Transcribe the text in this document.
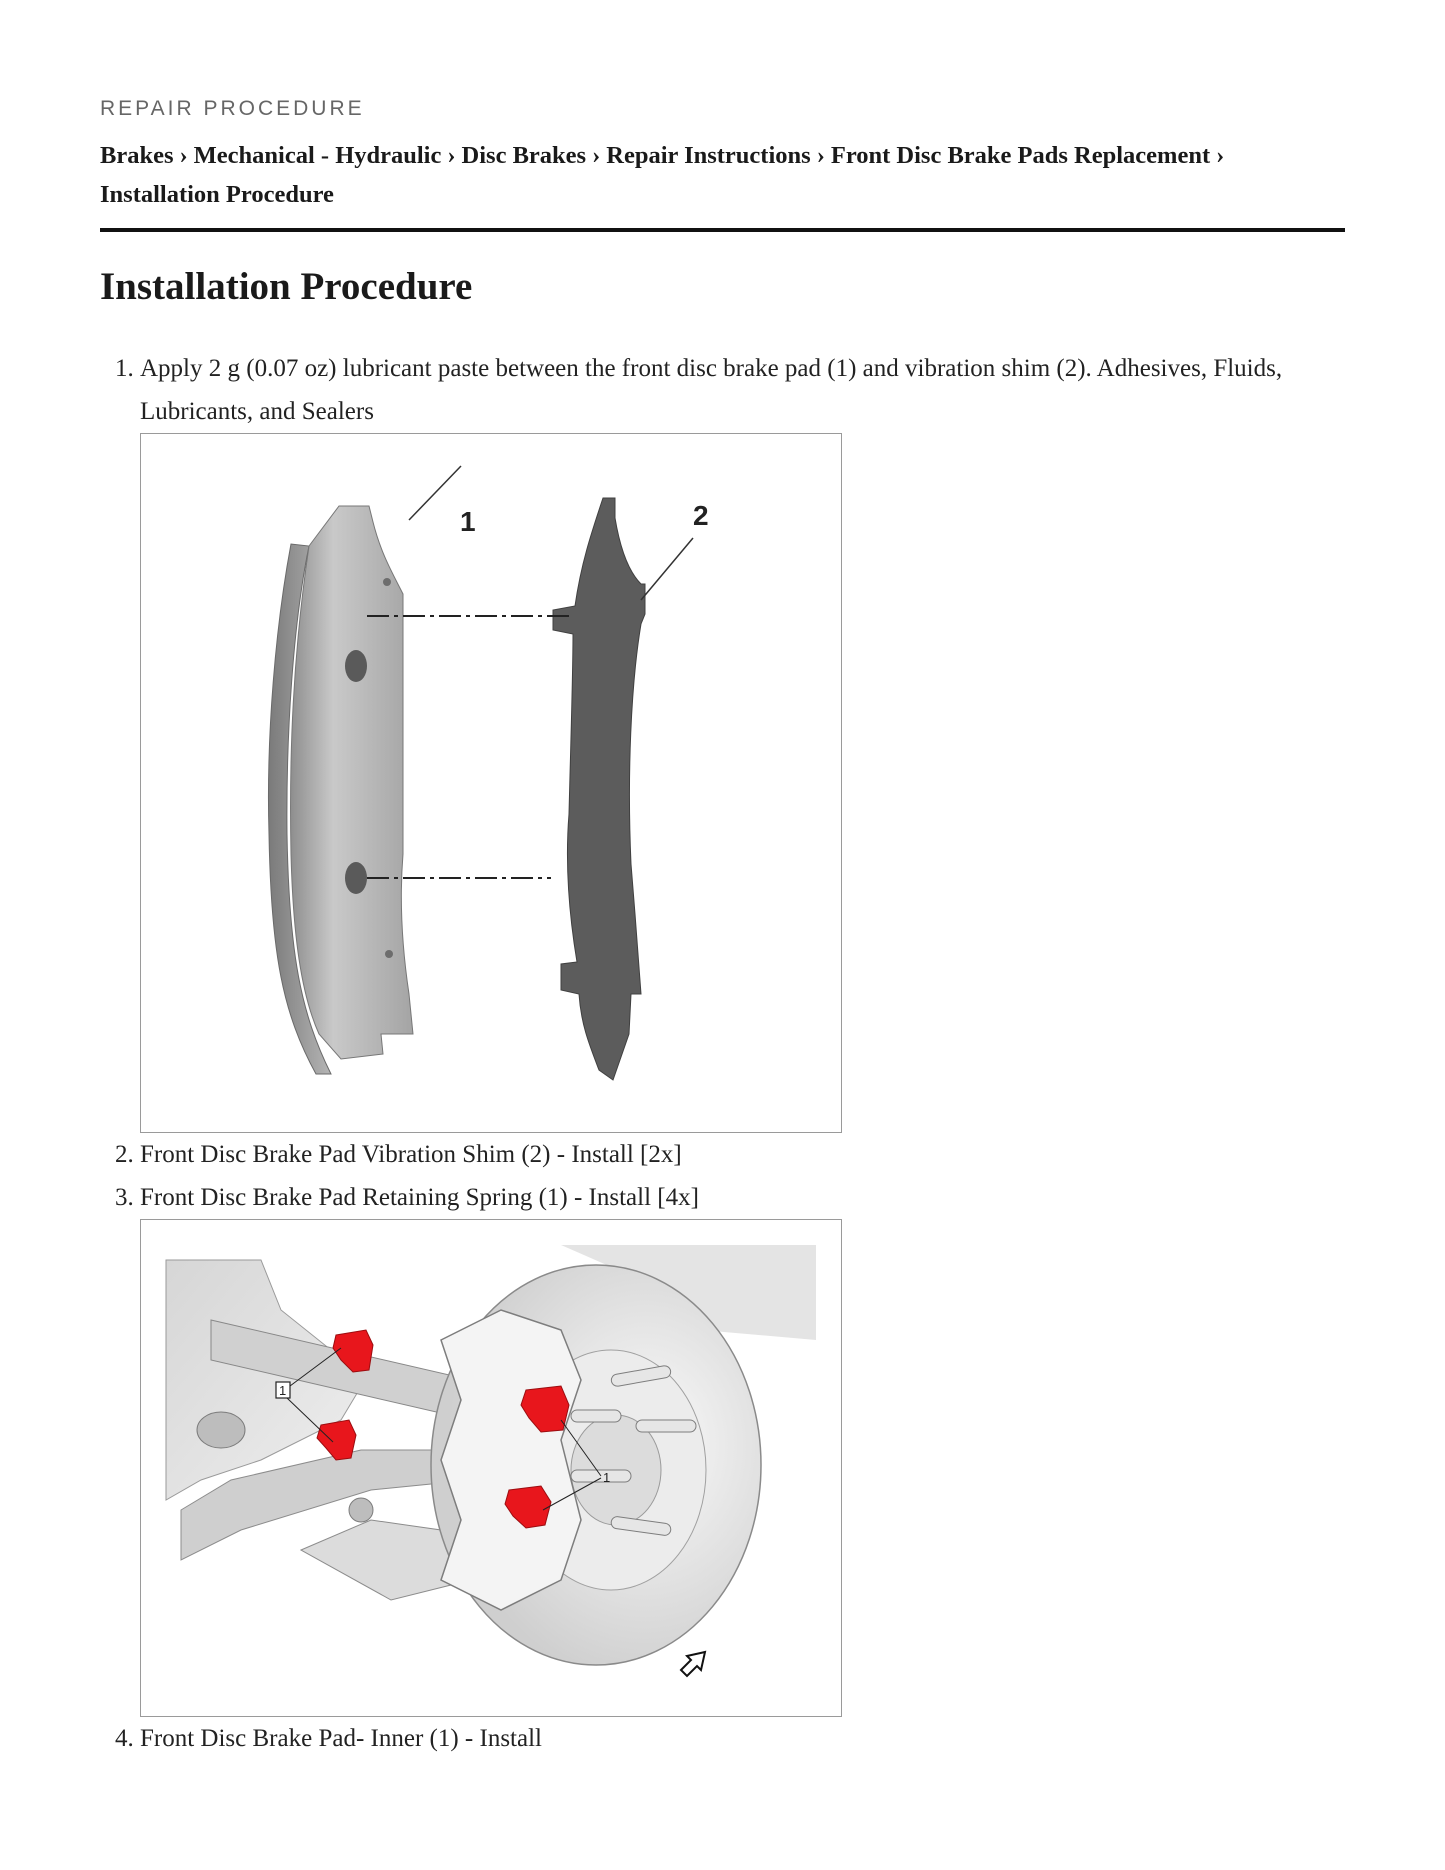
REPAIR PROCEDURE
Brakes › Mechanical - Hydraulic › Disc Brakes › Repair Instructions › Front Disc Brake Pads Replacement ›
Installation Procedure
Installation Procedure
1. Apply 2 g (0.07 oz) lubricant paste between the front disc brake pad (1) and vibration shim (2). Adhesives, Fluids, Lubricants, and Sealers
1	2
2. Front Disc Brake Pad Vibration Shim (2) - Install [2x]
3. Front Disc Brake Pad Retaining Spring (1) - Install [4x]
1
1
4. Front Disc Brake Pad- Inner (1) - Install
